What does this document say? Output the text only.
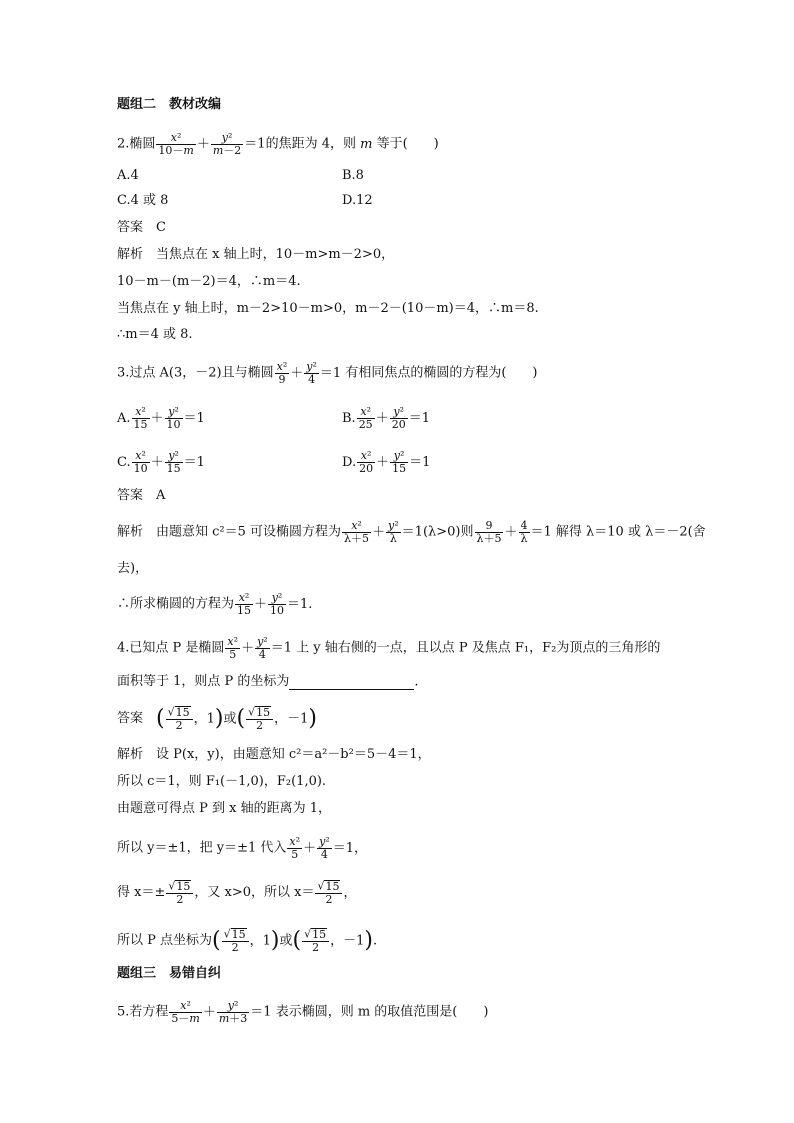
题组二　教材改编
2.椭圆 $\frac{\text{x²}}{10-m} + \frac{\text{y²}}{m-2} =1$的焦距为 4，则 m 等于(　　)
A.4	B.8
C.4 或 8	D.12
答案　C
解析　当焦点在 x 轴上时，10－m>m－2>0，
10－m－(m－2)＝4，∴m＝4.
当焦点在 y 轴上时，m－2>10－m>0，m－2－(10－m)＝4，∴m＝8.
∴m＝4 或 8.
3.过点 A(3，－2)且与椭圆 $\frac{\text{x²}}{9} + \frac{\text{y²}}{4} =1$ 有相同焦点的椭圆的方程为(　　)
A. $\frac{\text{x²}}{15} + \frac{\text{y²}}{10} =1$	B. $\frac{\text{x²}}{25} + \frac{\text{y²}}{20} =1$
C. $\frac{\text{x²}}{10} + \frac{\text{y²}}{15} =1$	D. $\frac{\text{x²}}{20} + \frac{\text{y²}}{15} =1$
答案　A
解析　由题意知 c²＝5 可设椭圆方程为 $\frac{\text{x²}}{\lambda+5} + \frac{\text{y²}}{\lambda} =1(\lambda>0)$则 $\frac{9}{\lambda+5} + \frac{4}{\lambda} =1$ 解得 λ＝10 或 λ＝－2(舍
去)，
∴所求椭圆的方程为 $\frac{\text{x²}}{15} + \frac{\text{y²}}{10} =1$.
4.已知点 P 是椭圆 $\frac{\text{x²}}{5} + \frac{\text{y²}}{4} =1$ 上 y 轴右侧的一点，且以点 P 及焦点 F₁，F₂为顶点的三角形的
面积等于 1，则点 P 的坐标为	.
答案　 ( $\frac{√15}{2}$ ，1)或( $\frac{√15}{2}$ ，－1)
解析　设 P(x，y)，由题意知 c²＝a²－b²＝5－4＝1，
所以 c＝1，则 F₁(－1,0)，F₂(1,0).
由题意可得点 P 到 x 轴的距离为 1，
所以 y＝±1，把 y＝±1 代入 $\frac{\text{x²}}{5} + \frac{\text{y²}}{4} =1$，
得 $x=\pm \frac{√15}{2}$ ，又 x>0，所以 $x= \frac{√15}{2}$ ，
所以 P 点坐标为( $\frac{√15}{2}$ ，1)或( $\frac{√15}{2}$ ，－1).
题组三　易错自纠
5.若方程 $\frac{\text{x²}}{5-m} + \frac{\text{y²}}{m+3} =1$ 表示椭圆，则 m 的取值范围是(　　)
